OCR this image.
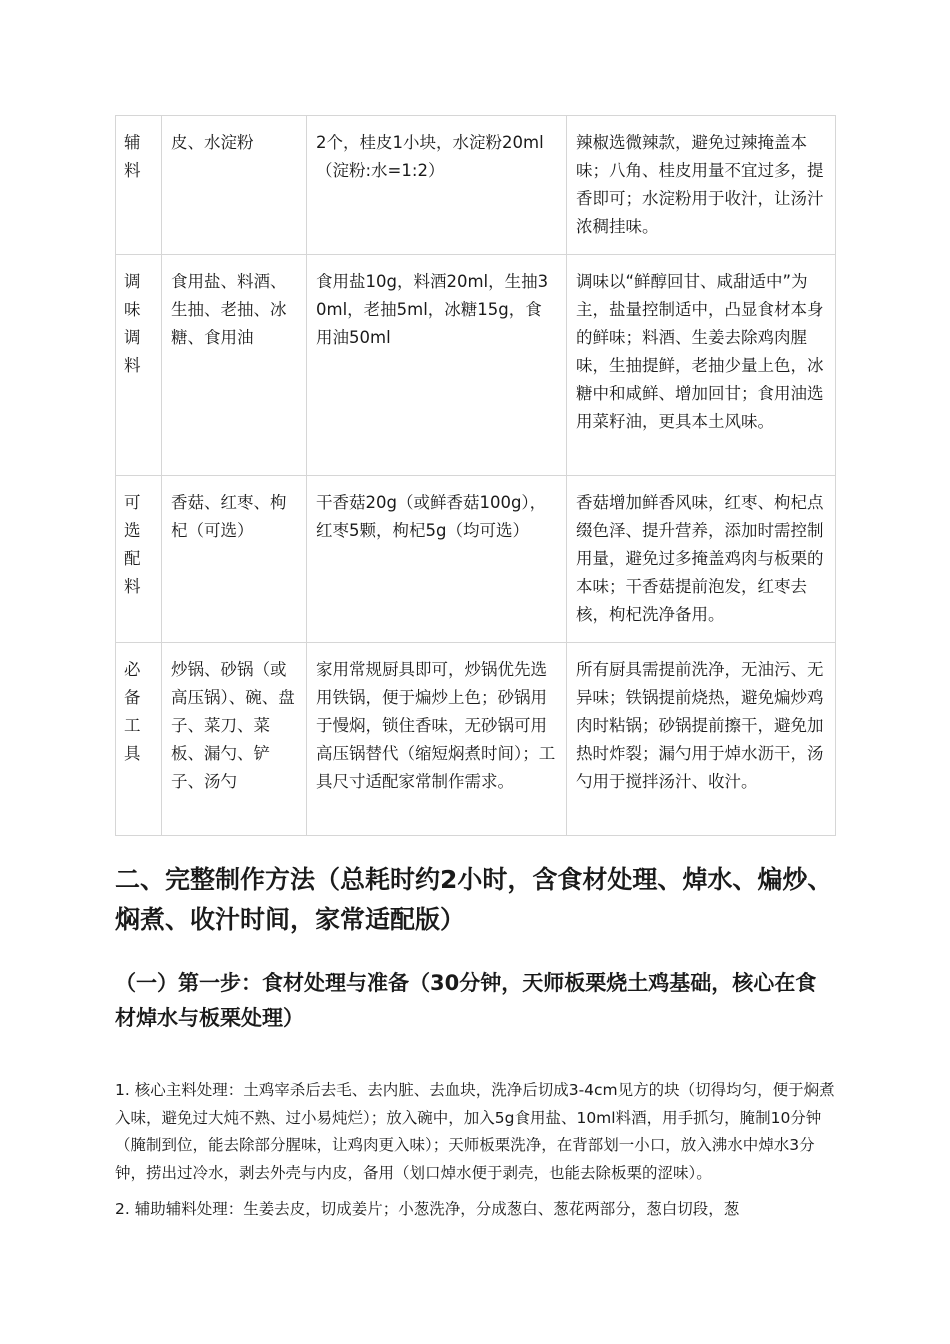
辅料	皮、水淀粉	2个，桂皮1小块，水淀粉20ml（淀粉:水=1:2）	辣椒选微辣款，避免过辣掩盖本味；八角、桂皮用量不宜过多，提香即可；水淀粉用于收汁，让汤汁浓稠挂味。
调味调料	食用盐、料酒、生抽、老抽、冰糖、食用油	食用盐10g，料酒20ml，生抽30ml，老抽5ml，冰糖15g，食用油50ml	调味以“鲜醇回甘、咸甜适中”为主，盐量控制适中，凸显食材本身的鲜味；料酒、生姜去除鸡肉腥味，生抽提鲜，老抽少量上色，冰糖中和咸鲜、增加回甘；食用油选用菜籽油，更具本土风味。
可选配料	香菇、红枣、枸杞（可选）	干香菇20g（或鲜香菇100g），红枣5颗，枸杞5g（均可选）	香菇增加鲜香风味，红枣、枸杞点缀色泽、提升营养，添加时需控制用量，避免过多掩盖鸡肉与板栗的本味；干香菇提前泡发，红枣去核，枸杞洗净备用。
必备工具	炒锅、砂锅（或高压锅）、碗、盘子、菜刀、菜板、漏勺、铲子、汤勺	家用常规厨具即可，炒锅优先选用铁锅，便于煸炒上色；砂锅用于慢焖，锁住香味，无砂锅可用高压锅替代（缩短焖煮时间）；工具尺寸适配家常制作需求。	所有厨具需提前洗净，无油污、无异味；铁锅提前烧热，避免煸炒鸡肉时粘锅；砂锅提前擦干，避免加热时炸裂；漏勺用于焯水沥干，汤勺用于搅拌汤汁、收汁。
二、完整制作方法（总耗时约2小时，含食材处理、焯水、煸炒、焖煮、收汁时间，家常适配版）
（一）第一步：食材处理与准备（30分钟，天师板栗烧土鸡基础，核心在食材焯水与板栗处理）

1. 核心主料处理：土鸡宰杀后去毛、去内脏、去血块，洗净后切成3-4cm见方的块（切得均匀，便于焖煮入味，避免过大炖不熟、过小易炖烂）；放入碗中，加入5g食用盐、10ml料酒，用手抓匀，腌制10分钟（腌制到位，能去除部分腥味，让鸡肉更入味）；天师板栗洗净，在背部划一小口，放入沸水中焯水3分钟，捞出过冷水，剥去外壳与内皮，备用（划口焯水便于剥壳，也能去除板栗的涩味）。

2. 辅助辅料处理：生姜去皮，切成姜片；小葱洗净，分成葱白、葱花两部分，葱白切段，葱
